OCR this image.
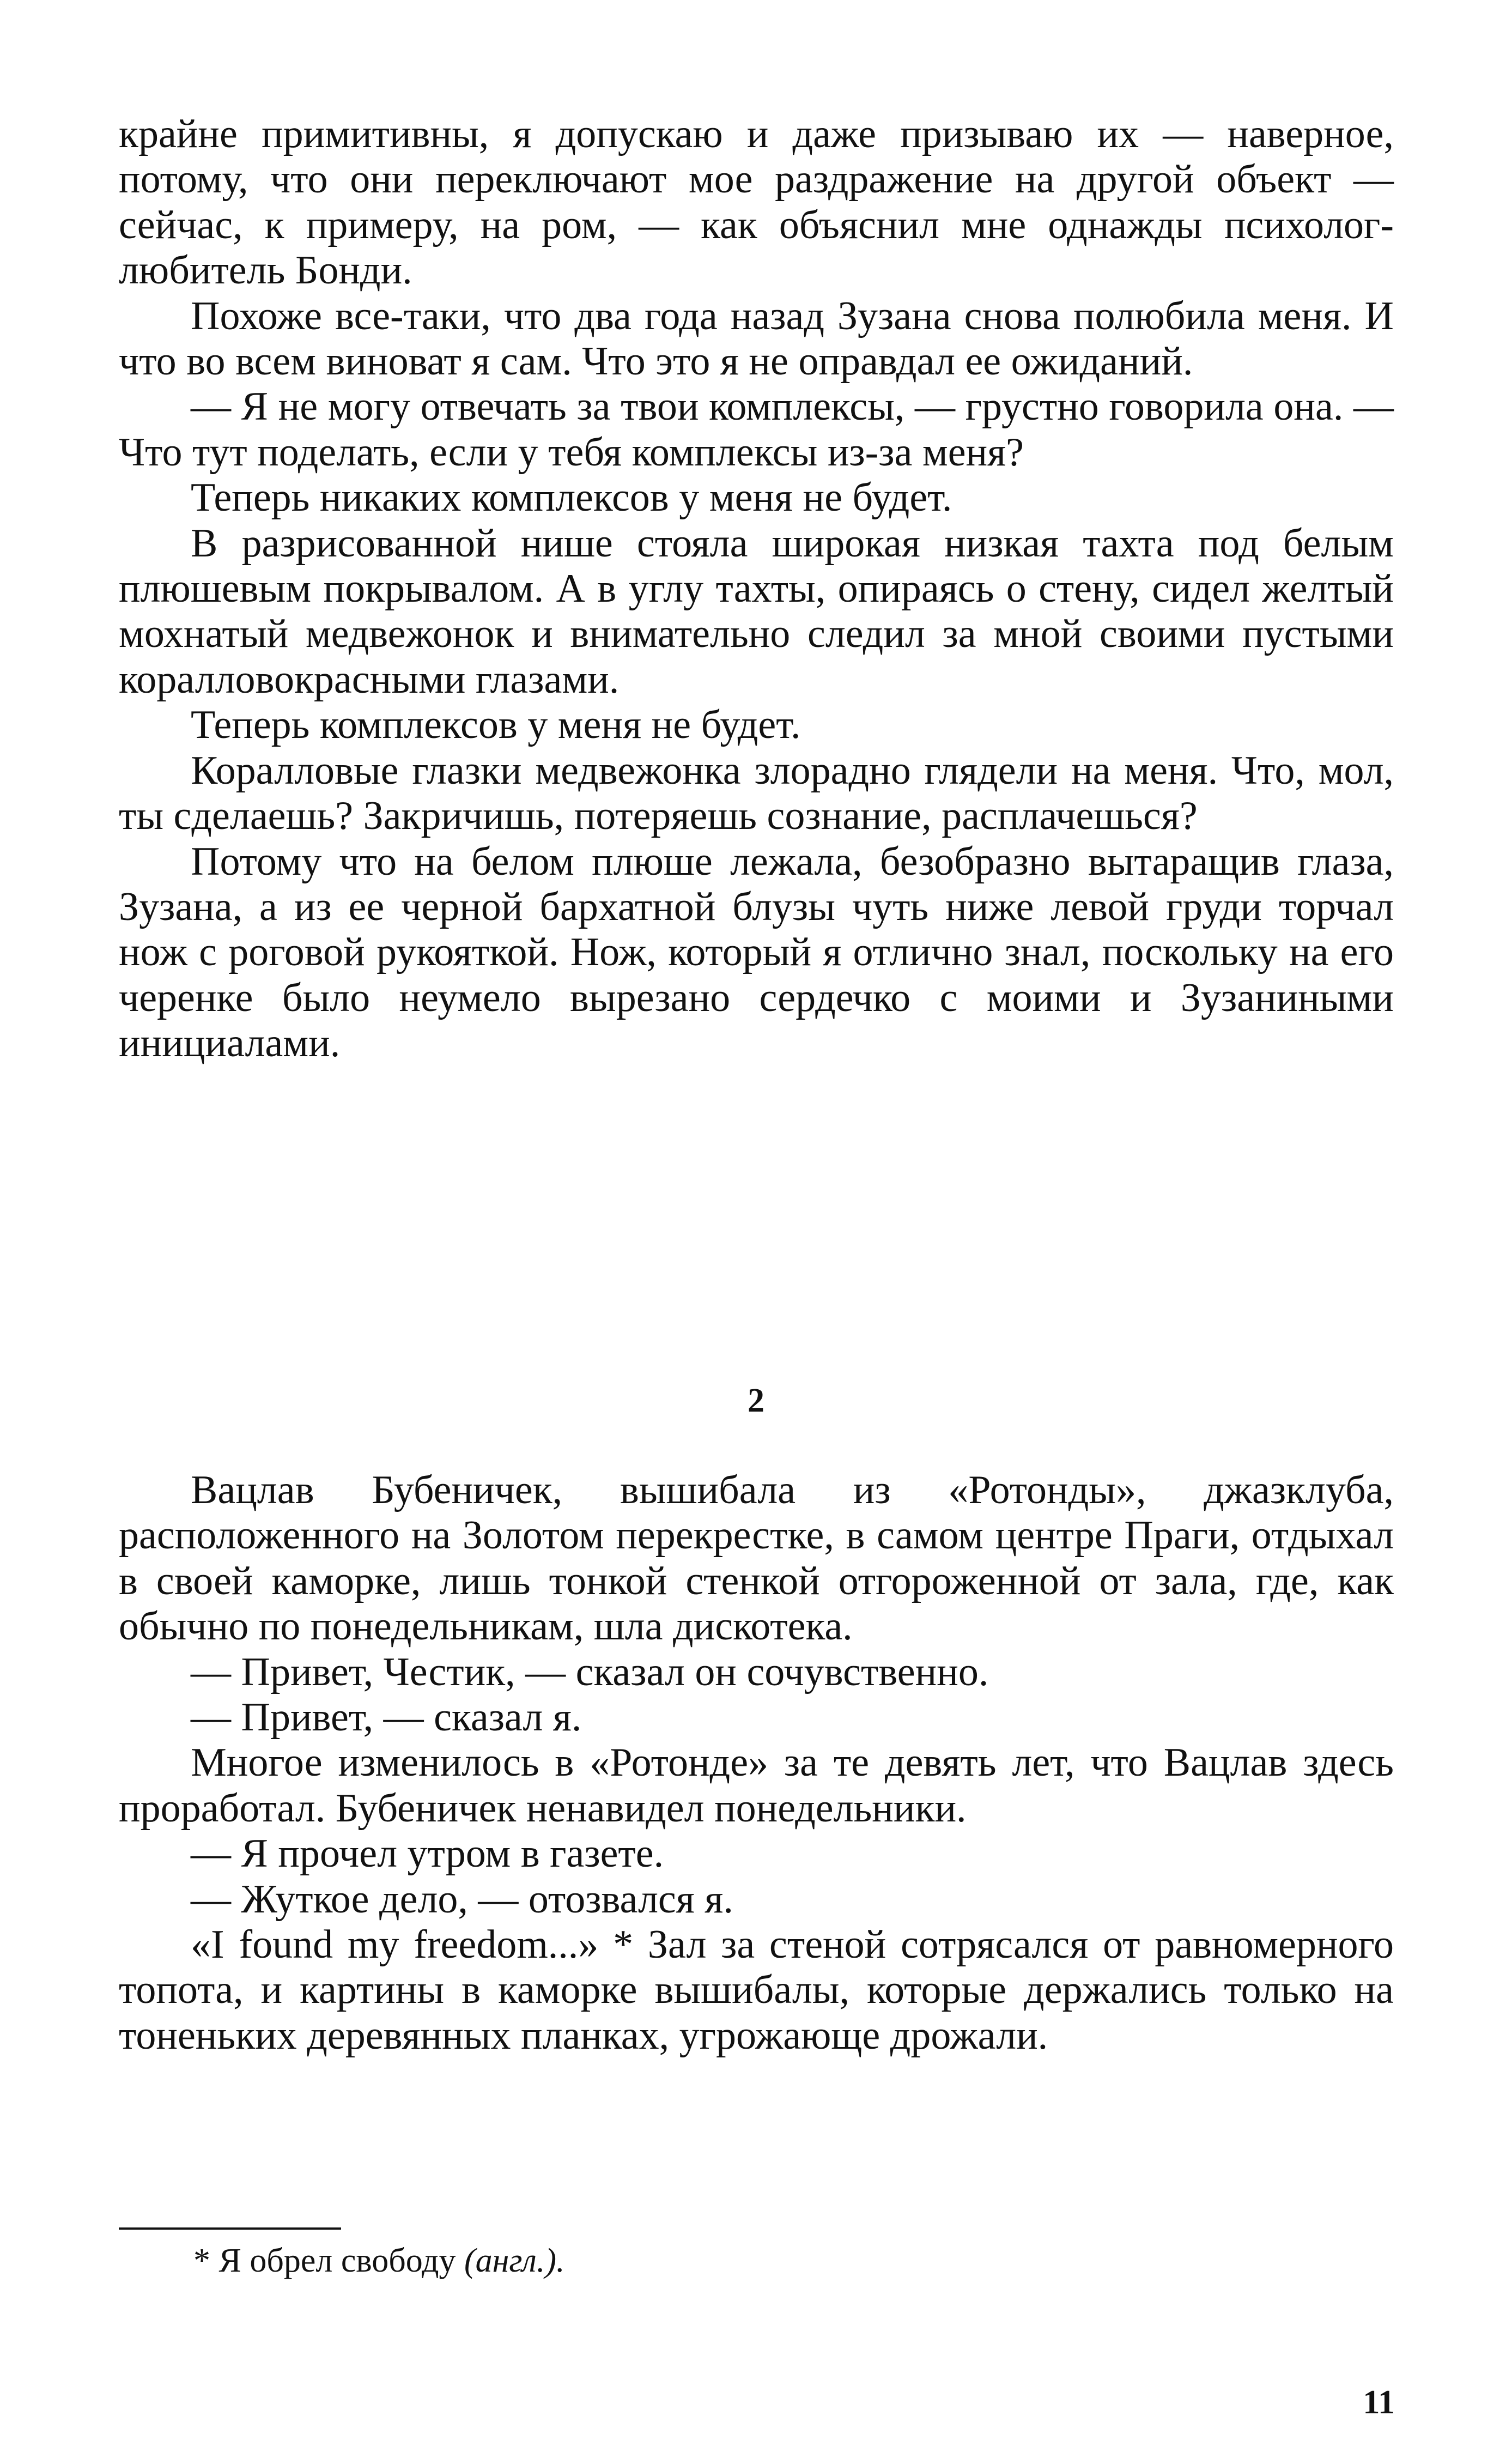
крайне примитивны, я допускаю и даже призываю их — наверное, потому, что они переключают мое раздражение на другой объект — сейчас, к примеру, на ром, — как объяснил мне однажды психолог-любитель Бонди.

Похоже все-таки, что два года назад Зузана снова полюбила меня. И что во всем виноват я сам. Что это я не оправдал ее ожиданий.

— Я не могу отвечать за твои комплексы, — грустно говорила она. — Что тут поделать, если у тебя комплексы из-за меня?

Теперь никаких комплексов у меня не будет.

В разрисованной нише стояла широкая низкая тахта под белым плюшевым покрывалом. А в углу тахты, опираясь о стену, сидел желтый мохнатый медвежонок и внимательно следил за мной своими пустыми коралловокрасными глазами.

Теперь комплексов у меня не будет.

Коралловые глазки медвежонка злорадно глядели на меня. Что, мол, ты сделаешь? Закричишь, потеряешь сознание, расплачешься?

Потому что на белом плюше лежала, безобразно вытаращив глаза, Зузана, а из ее черной бархатной блузы чуть ниже левой груди торчал нож с роговой рукояткой. Нож, который я отлично знал, поскольку на его черенке было неумело вырезано сердечко с моими и Зузаниными инициалами.

2

Вацлав Бубеничек, вышибала из «Ротонды», джазклуба, расположенного на Золотом перекрестке, в самом центре Праги, отдыхал в своей каморке, лишь тонкой стенкой отгороженной от зала, где, как обычно по понедельникам, шла дискотека.

— Привет, Честик, — сказал он сочувственно.

— Привет, — сказал я.

Многое изменилось в «Ротонде» за те девять лет, что Вацлав здесь проработал. Бубеничек ненавидел понедельники.

— Я прочел утром в газете.

— Жуткое дело, — отозвался я.

«I found my freedom...» * Зал за стеной сотрясался от равномерного топота, и картины в каморке вышибалы, которые держались только на тоненьких деревянных планках, угрожающе дрожали.

* Я обрел свободу (англ.).
11
